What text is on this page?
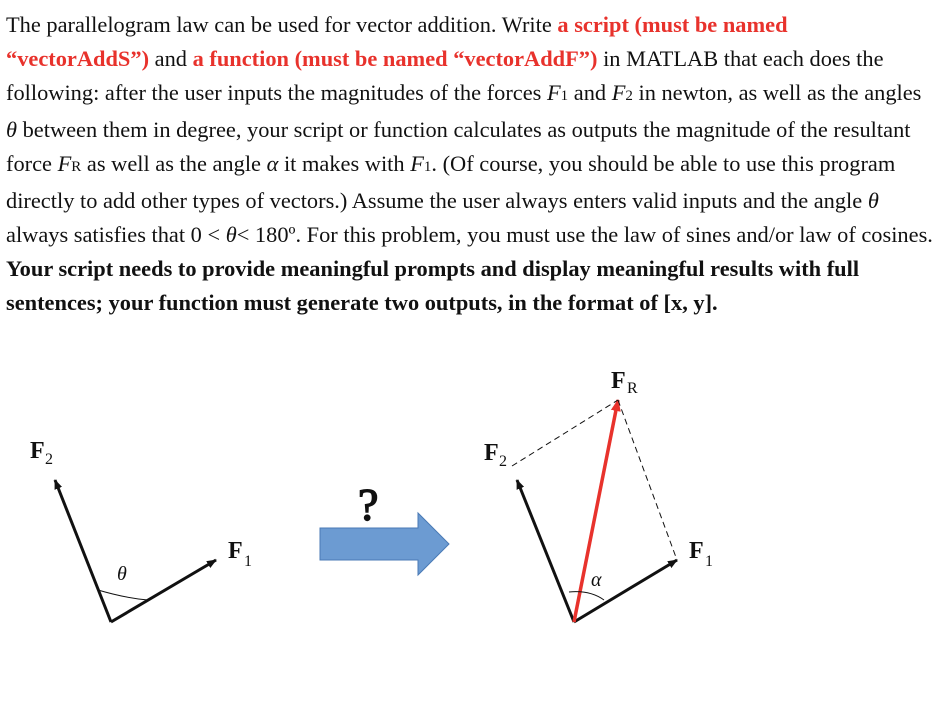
The parallelogram law can be used for vector addition. Write a script (must be named “vectorAddS”) and a function (must be named “vectorAddF”) in MATLAB that each does the following: after the user inputs the magnitudes of the forces F1 and F2 in newton, as well as the angles θ between them in degree, your script or function calculates as outputs the magnitude of the resultant force FR as well as the angle α it makes with F1. (Of course, you should be able to use this program directly to add other types of vectors.) Assume the user always enters valid inputs and the angle θ always satisfies that 0 < θ< 180º. For this problem, you must use the law of sines and/or law of cosines. Your script needs to provide meaningful prompts and display meaningful results with full sentences; your function must generate two outputs, in the format of [x, y].

F 2
F 1
θ
?
F 2
F 1
F R
α
